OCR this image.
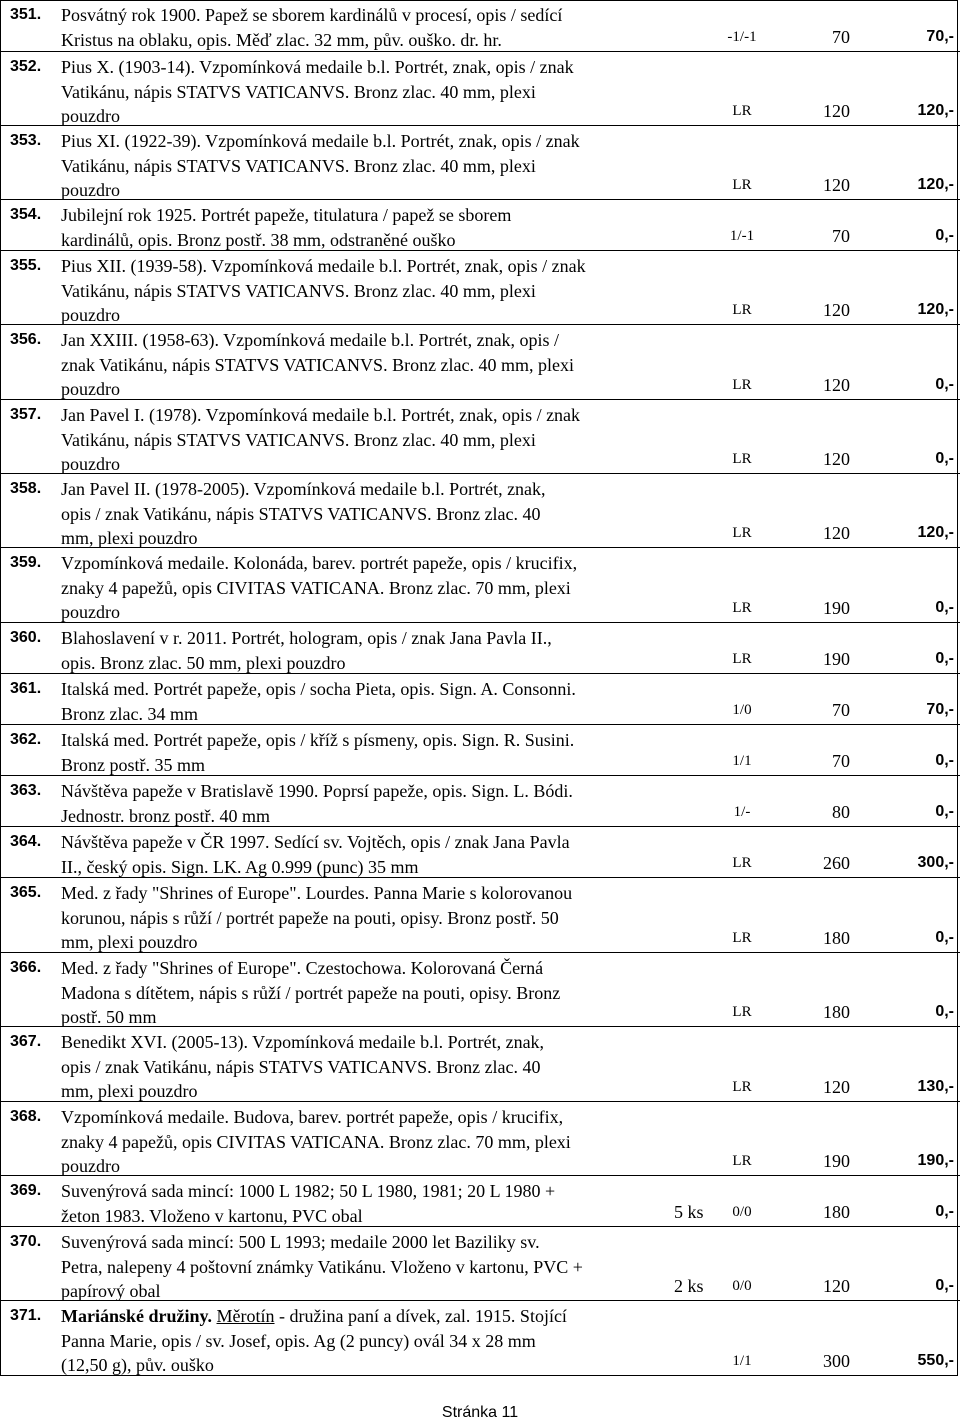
351.	Posvátný rok 1900. Papež se sborem kardinálů v procesí, opis / sedící
Kristus na oblaku, opis. Měď zlac. 32 mm, pův. ouško. dr. hr.	-1/-1	70	70,-
352.	Pius X. (1903-14). Vzpomínková medaile b.l. Portrét, znak, opis / znak
Vatikánu, nápis STATVS VATICANVS. Bronz zlac. 40 mm, plexi
pouzdro	LR	120	120,-
353.	Pius XI. (1922-39). Vzpomínková medaile b.l. Portrét, znak, opis / znak
Vatikánu, nápis STATVS VATICANVS. Bronz zlac. 40 mm, plexi
pouzdro	LR	120	120,-
354.	Jubilejní rok 1925. Portrét papeže, titulatura / papež se sborem
kardinálů, opis. Bronz postř. 38 mm, odstraněné ouško	1/-1	70	0,-
355.	Pius XII. (1939-58). Vzpomínková medaile b.l. Portrét, znak, opis / znak
Vatikánu, nápis STATVS VATICANVS. Bronz zlac. 40 mm, plexi
pouzdro	LR	120	120,-
356.	Jan XXIII. (1958-63). Vzpomínková medaile b.l. Portrét, znak, opis /
znak Vatikánu, nápis STATVS VATICANVS. Bronz zlac. 40 mm, plexi
pouzdro	LR	120	0,-
357.	Jan Pavel I. (1978). Vzpomínková medaile b.l. Portrét, znak, opis / znak
Vatikánu, nápis STATVS VATICANVS. Bronz zlac. 40 mm, plexi
pouzdro	LR	120	0,-
358.	Jan Pavel II. (1978-2005). Vzpomínková medaile b.l. Portrét, znak,
opis / znak Vatikánu, nápis STATVS VATICANVS. Bronz zlac. 40
mm, plexi pouzdro	LR	120	120,-
359.	Vzpomínková medaile. Kolonáda, barev. portrét papeže, opis / krucifix,
znaky 4 papežů, opis CIVITAS VATICANA. Bronz zlac. 70 mm, plexi
pouzdro	LR	190	0,-
360.	Blahoslavení v r. 2011. Portrét, hologram, opis / znak Jana Pavla II.,
opis. Bronz zlac. 50 mm, plexi pouzdro	LR	190	0,-
361.	Italská med. Portrét papeže, opis / socha Pieta, opis. Sign. A. Consonni.
Bronz zlac. 34 mm	1/0	70	70,-
362.	Italská med. Portrét papeže, opis / kříž s písmeny, opis. Sign. R. Susini.
Bronz postř. 35 mm	1/1	70	0,-
363.	Návštěva papeže v Bratislavě 1990. Poprsí papeže, opis. Sign. L. Bódi.
Jednostr. bronz postř. 40 mm	1/-	80	0,-
364.	Návštěva papeže v ČR 1997. Sedící sv. Vojtěch, opis / znak Jana Pavla
II., český opis. Sign. LK. Ag 0.999 (punc) 35 mm	LR	260	300,-
365.	Med. z řady "Shrines of Europe". Lourdes. Panna Marie s kolorovanou
korunou, nápis s růží / portrét papeže na pouti, opisy. Bronz postř. 50
mm, plexi pouzdro	LR	180	0,-
366.	Med. z řady "Shrines of Europe". Czestochowa. Kolorovaná Černá
Madona s dítětem, nápis s růží / portrét papeže na pouti, opisy. Bronz
postř. 50 mm	LR	180	0,-
367.	Benedikt XVI. (2005-13). Vzpomínková medaile b.l. Portrét, znak,
opis / znak Vatikánu, nápis STATVS VATICANVS. Bronz zlac. 40
mm, plexi pouzdro	LR	120	130,-
368.	Vzpomínková medaile. Budova, barev. portrét papeže, opis / krucifix,
znaky 4 papežů, opis CIVITAS VATICANA. Bronz zlac. 70 mm, plexi
pouzdro	LR	190	190,-
369.	Suvenýrová sada mincí: 1000 L 1982; 50 L 1980, 1981; 20 L 1980 +
žeton 1983. Vloženo v kartonu, PVC obal	5 ks	0/0	180	0,-
370.	Suvenýrová sada mincí: 500 L 1993; medaile 2000 let Baziliky sv.
Petra, nalepeny 4 poštovní známky Vatikánu. Vloženo v kartonu, PVC +
papírový obal	2 ks	0/0	120	0,-
371.	Mariánské družiny. Měrotín - družina paní a dívek, zal. 1915. Stojící
Panna Marie, opis / sv. Josef, opis. Ag (2 puncy) ovál 34 x 28 mm
(12,50 g), pův. ouško	1/1	300	550,-
Stránka 11
